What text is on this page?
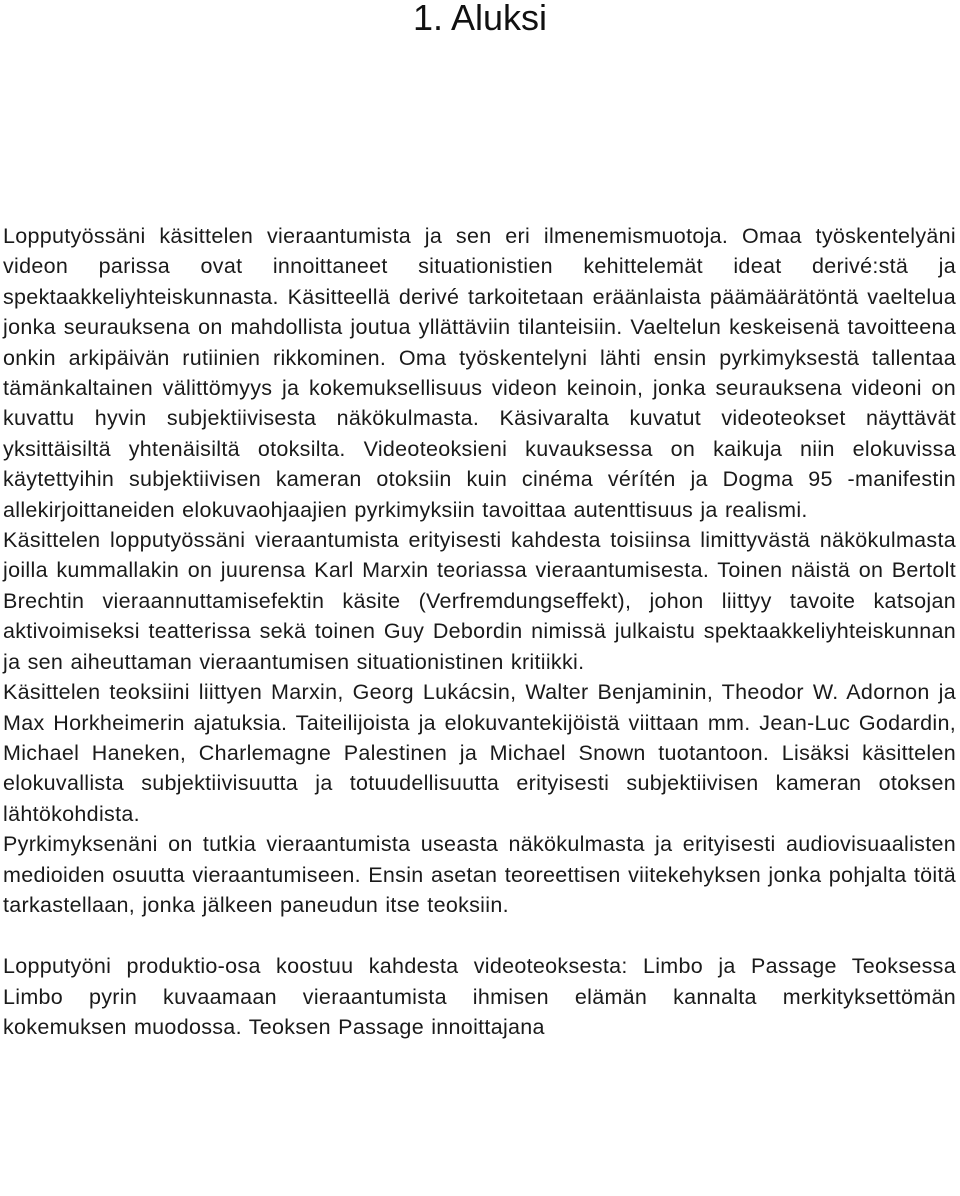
1. Aluksi

Lopputyössäni käsittelen vieraantumista ja sen eri ilmenemismuotoja. Omaa työskentelyäni videon parissa ovat innoittaneet situationistien kehittelemät ideat derivé:stä ja spektaakkeliyhteiskunnasta. Käsitteellä derivé tarkoitetaan eräänlaista päämäärätöntä vaeltelua jonka seurauksena on mahdollista joutua yllättäviin tilanteisiin. Vaeltelun keskeisenä tavoitteena onkin arkipäivän rutiinien rikkominen. Oma työskentelyni lähti ensin pyrkimyksestä tallentaa tämänkaltainen välittömyys ja kokemuksellisuus videon keinoin, jonka seurauksena videoni on kuvattu hyvin subjektiivisesta näkökulmasta. Käsivaralta kuvatut videoteokset näyttävät yksittäisiltä yhtenäisiltä otoksilta. Videoteoksieni kuvauksessa on kaikuja niin elokuvissa käytettyihin subjektiivisen kameran otoksiin kuin cinéma vérítén ja Dogma 95 -manifestin allekirjoittaneiden elokuvaohjaajien pyrkimyksiin tavoittaa autenttisuus ja realismi.

Käsittelen lopputyössäni vieraantumista erityisesti kahdesta toisiinsa limittyvästä näkökulmasta joilla kummallakin on juurensa Karl Marxin teoriassa vieraantumisesta. Toinen näistä on Bertolt Brechtin vieraannuttamisefektin käsite (Verfremdungseffekt), johon liittyy tavoite katsojan aktivoimiseksi teatterissa sekä toinen Guy Debordin nimissä julkaistu spektaakkeliyhteiskunnan ja sen aiheuttaman vieraantumisen situationistinen kritiikki.

Käsittelen teoksiini liittyen Marxin, Georg Lukácsin, Walter Benjaminin, Theodor W. Adornon ja Max Horkheimerin ajatuksia. Taiteilijoista ja elokuvantekijöistä viittaan mm. Jean-Luc Godardin, Michael Haneken, Charlemagne Palestinen ja Michael Snown tuotantoon. Lisäksi käsittelen elokuvallista subjektiivisuutta ja totuudellisuutta erityisesti subjektiivisen kameran otoksen lähtökohdista.

Pyrkimyksenäni on tutkia vieraantumista useasta näkökulmasta ja erityisesti audiovisuaalisten medioiden osuutta vieraantumiseen. Ensin asetan teoreettisen viitekehyksen jonka pohjalta töitä tarkastellaan, jonka jälkeen paneudun itse teoksiin.

Lopputyöni produktio-osa koostuu kahdesta videoteoksesta: Limbo ja Passage Teoksessa Limbo pyrin kuvaamaan vieraantumista ihmisen elämän kannalta merkityksettömän kokemuksen muodossa. Teoksen Passage innoittajana
